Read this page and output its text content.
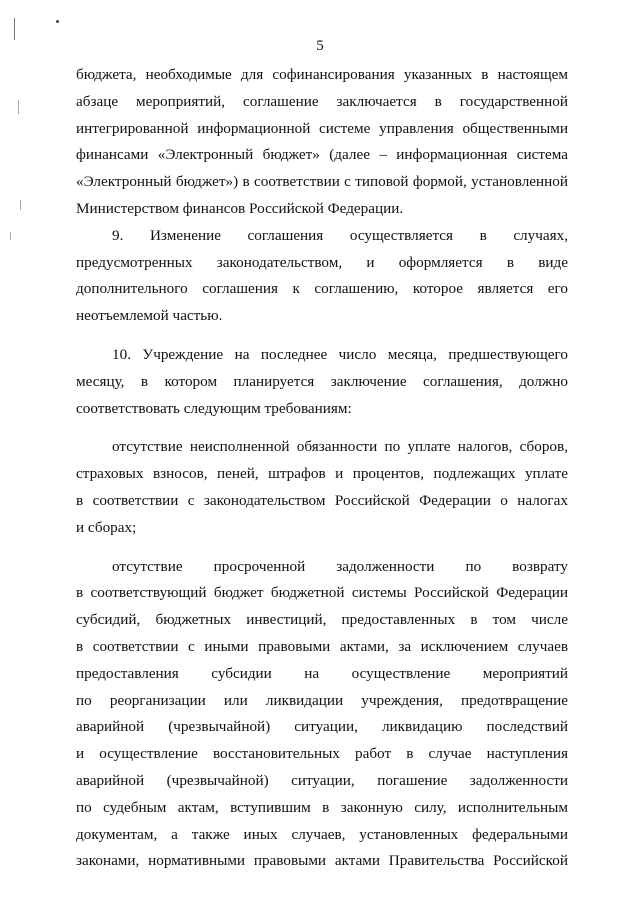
5
бюджета, необходимые для софинансирования указанных в настоящем
абзаце мероприятий, соглашение заключается в государственной
интегрированной информационной системе управления общественными
финансами «Электронный бюджет» (далее – информационная система
«Электронный бюджет») в соответствии с типовой формой, установленной
Министерством финансов Российской Федерации.
9. Изменение соглашения осуществляется в случаях,
предусмотренных законодательством, и оформляется в виде
дополнительного соглашения к соглашению, которое является его
неотъемлемой частью.
10. Учреждение на последнее число месяца, предшествующего
месяцу, в котором планируется заключение соглашения, должно
соответствовать следующим требованиям:
отсутствие неисполненной обязанности по уплате налогов, сборов,
страховых взносов, пеней, штрафов и процентов, подлежащих уплате
в соответствии с законодательством Российской Федерации о налогах
и сборах;
отсутствие просроченной задолженности по возврату
в соответствующий бюджет бюджетной системы Российской Федерации
субсидий, бюджетных инвестиций, предоставленных в том числе
в соответствии с иными правовыми актами, за исключением случаев
предоставления субсидии на осуществление мероприятий
по реорганизации или ликвидации учреждения, предотвращение
аварийной (чрезвычайной) ситуации, ликвидацию последствий
и осуществление восстановительных работ в случае наступления
аварийной (чрезвычайной) ситуации, погашение задолженности
по судебным актам, вступившим в законную силу, исполнительным
документам, а также иных случаев, установленных федеральными
законами, нормативными правовыми актами Правительства Российской
